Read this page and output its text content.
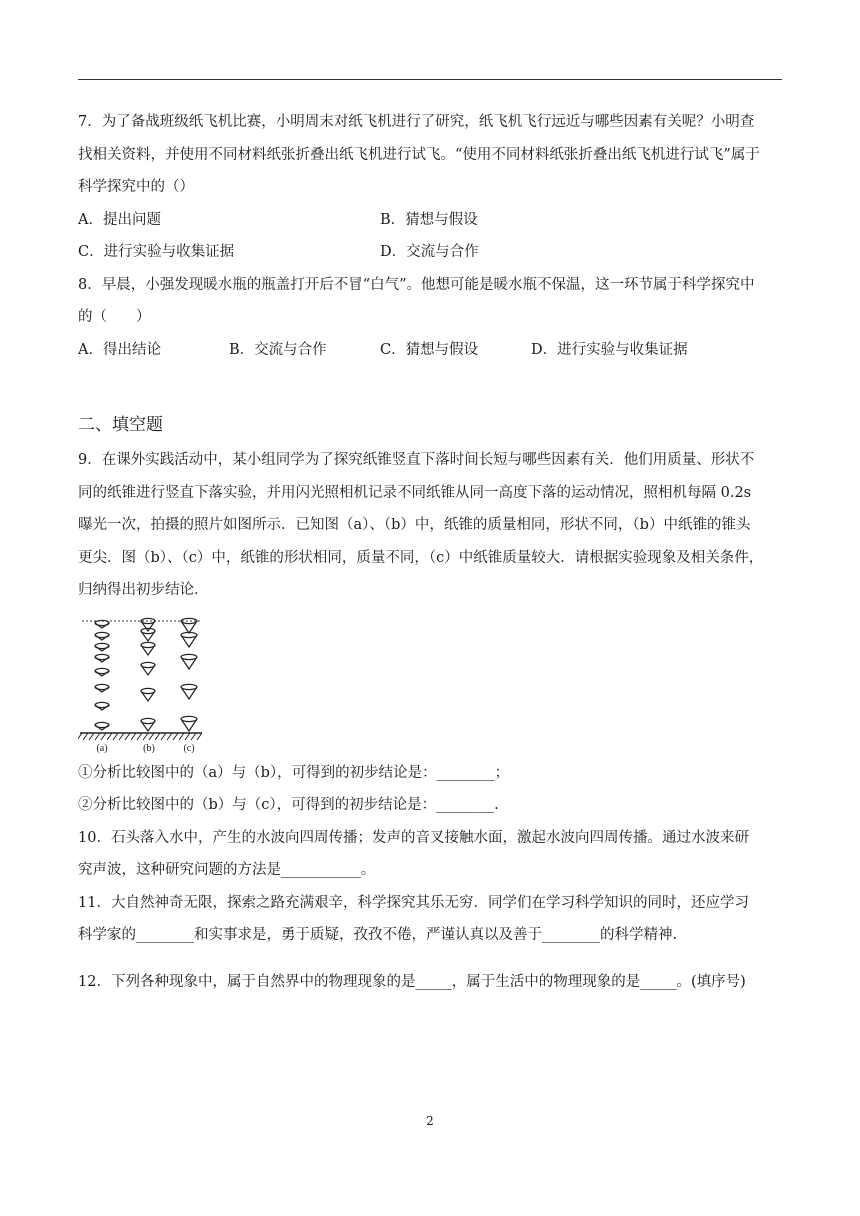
7．为了备战班级纸飞机比赛，小明周末对纸飞机进行了研究，纸飞机飞行远近与哪些因素有关呢？小明查

找相关资料，并使用不同材料纸张折叠出纸飞机进行试飞。“使用不同材料纸张折叠出纸飞机进行试飞”属于

科学探究中的（）

A．提出问题	B．猜想与假设
C．进行实验与收集证据	D．交流与合作

8．早晨，小强发现暖水瓶的瓶盖打开后不冒“白气”。他想可能是暖水瓶不保温，这一环节属于科学探究中

的（　　）

A．得出结论	B．交流与合作	C．猜想与假设	D．进行实验与收集证据
二、填空题

9．在课外实践活动中，某小组同学为了探究纸锥竖直下落时间长短与哪些因素有关．他们用质量、形状不

同的纸锥进行竖直下落实验，并用闪光照相机记录不同纸锥从同一高度下落的运动情况，照相机每隔 0.2s

曝光一次，拍摄的照片如图所示．已知图（a）、（b）中，纸锥的质量相同，形状不同，（b）中纸锥的锥头

更尖．图（b）、（c）中，纸锥的形状相同，质量不同，（c）中纸锥质量较大．请根据实验现象及相关条件，

归纳得出初步结论．

(a)	(b)	(c)

①分析比较图中的（a）与（b），可得到的初步结论是：________；

②分析比较图中的（b）与（c），可得到的初步结论是：________.

10．石头落入水中，产生的水波向四周传播；发声的音叉接触水面，激起水波向四周传播。通过水波来研

究声波，这种研究问题的方法是___________。

11．大自然神奇无限，探索之路充满艰辛，科学探究其乐无穷．同学们在学习科学知识的同时，还应学习

科学家的________和实事求是，勇于质疑，孜孜不倦，严谨认真以及善于________的科学精神.

12．下列各种现象中，属于自然界中的物理现象的是_____，属于生活中的物理现象的是_____。(填序号)

2
